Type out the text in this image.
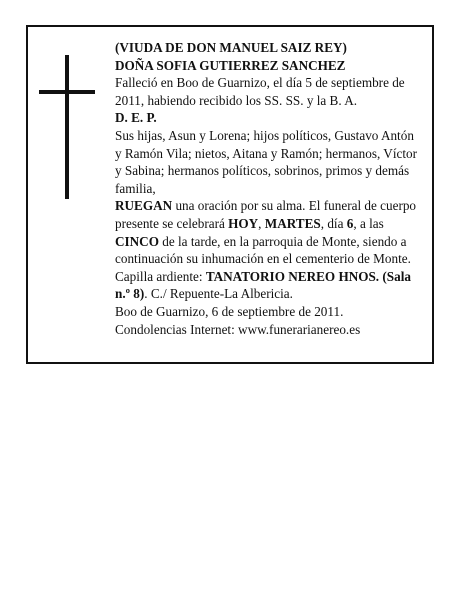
(VIUDA DE DON MANUEL SAIZ REY)

DOÑA SOFIA GUTIERREZ SANCHEZ

Falleció en Boo de Guarnizo, el día 5 de septiembre de 2011, habiendo recibido los SS. SS. y la B. A.

D. E. P.

Sus hijas, Asun y Lorena; hijos políticos, Gustavo Antón y Ramón Vila; nietos, Aitana y Ramón; hermanos, Víctor y Sabina; hermanos políticos, sobrinos, primos y demás familia,

RUEGAN una oración por su alma. El funeral de cuerpo presente se celebrará HOY, MARTES, día 6, a las CINCO de la tarde, en la parroquia de Monte, siendo a continuación su inhumación en el cementerio de Monte.

Capilla ardiente: TANATORIO NEREO HNOS. (Sala n.º 8). C./ Repuente-La Albericia.

Boo de Guarnizo, 6 de septiembre de 2011.

Condolencias Internet: www.funerarianereo.es
